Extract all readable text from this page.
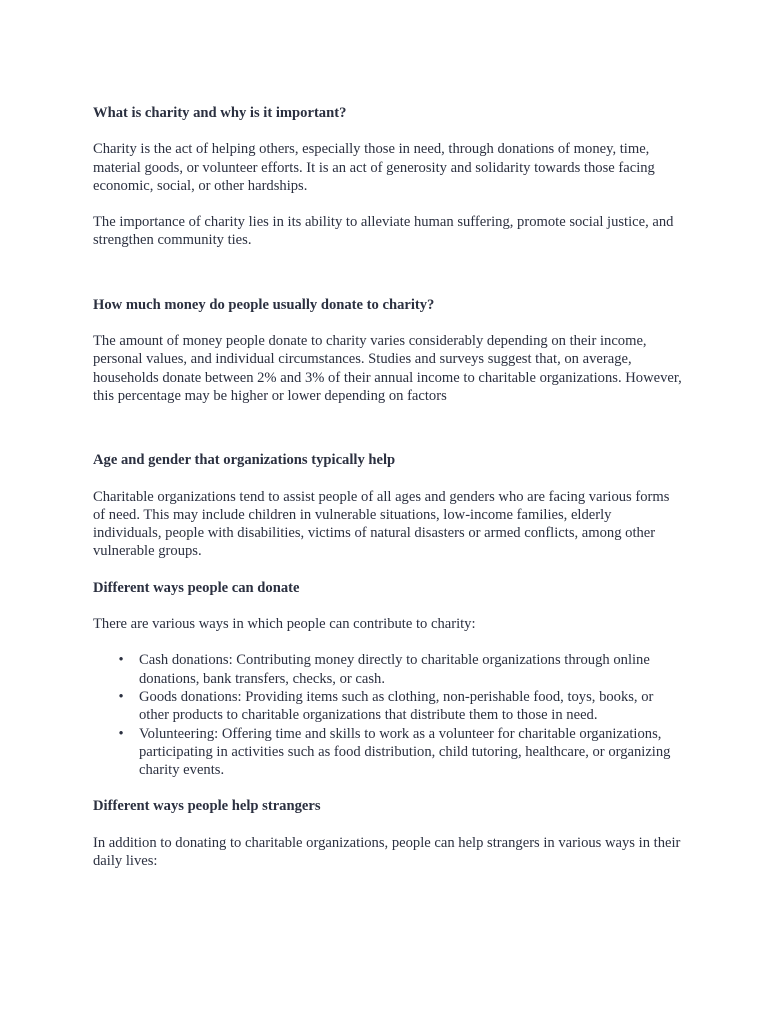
What is charity and why is it important?

Charity is the act of helping others, especially those in need, through donations of money, time, material goods, or volunteer efforts. It is an act of generosity and solidarity towards those facing economic, social, or other hardships.

The importance of charity lies in its ability to alleviate human suffering, promote social justice, and strengthen community ties.

How much money do people usually donate to charity?

The amount of money people donate to charity varies considerably depending on their income, personal values, and individual circumstances. Studies and surveys suggest that, on average, households donate between 2% and 3% of their annual income to charitable organizations. However, this percentage may be higher or lower depending on factors

Age and gender that organizations typically help

Charitable organizations tend to assist people of all ages and genders who are facing various forms of need. This may include children in vulnerable situations, low-income families, elderly individuals, people with disabilities, victims of natural disasters or armed conflicts, among other vulnerable groups.

Different ways people can donate

There are various ways in which people can contribute to charity:

• Cash donations: Contributing money directly to charitable organizations through online donations, bank transfers, checks, or cash.
• Goods donations: Providing items such as clothing, non-perishable food, toys, books, or other products to charitable organizations that distribute them to those in need.
• Volunteering: Offering time and skills to work as a volunteer for charitable organizations, participating in activities such as food distribution, child tutoring, healthcare, or organizing charity events.

Different ways people help strangers

In addition to donating to charitable organizations, people can help strangers in various ways in their daily lives:
